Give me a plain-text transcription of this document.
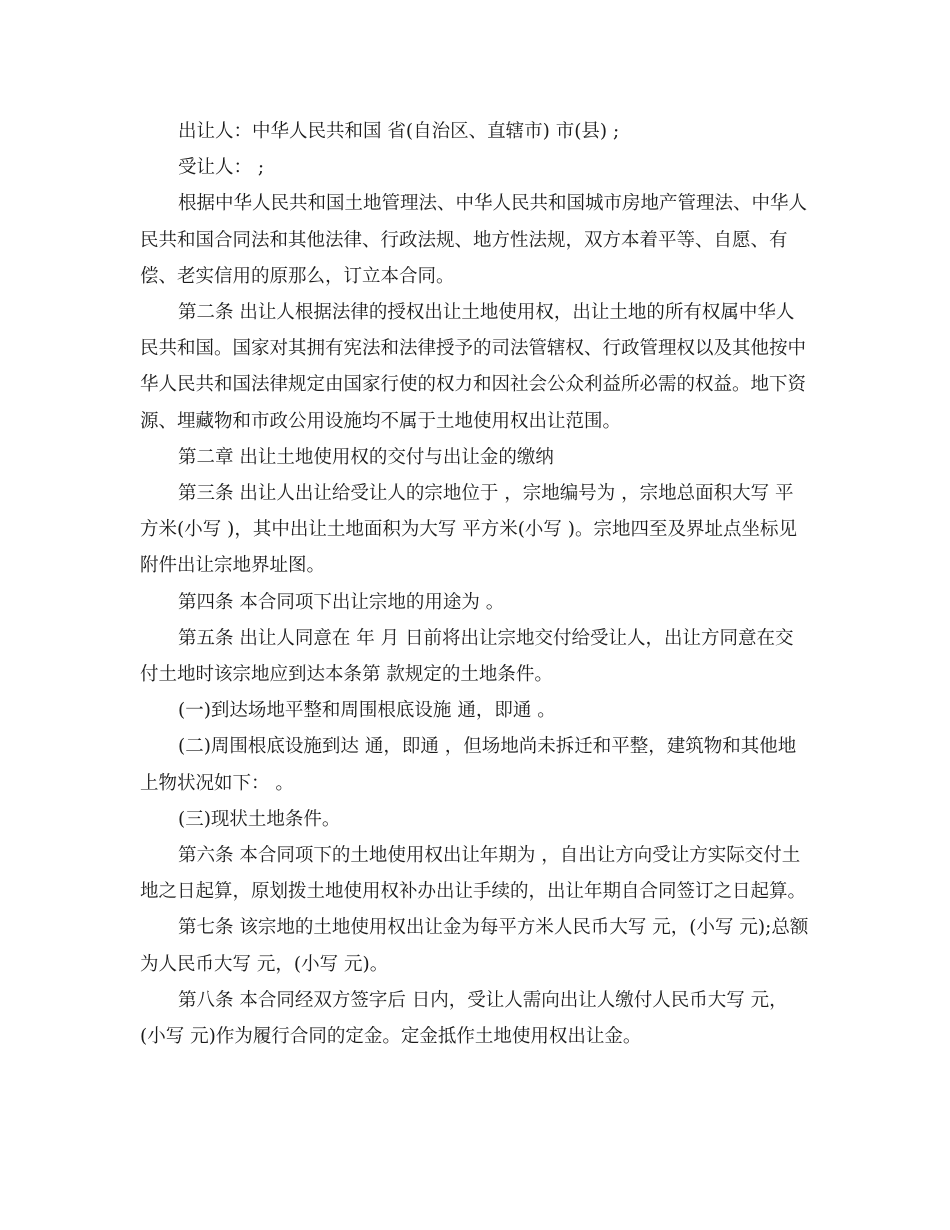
出让人：中华人民共和国 省(自治区、直辖市) 市(县) ;

受让人： ;

根据中华人民共和国土地管理法、中华人民共和国城市房地产管理法、中华人民共和国合同法和其他法律、行政法规、地方性法规，双方本着平等、自愿、有偿、老实信用的原那么，订立本合同。

第二条 出让人根据法律的授权出让土地使用权，出让土地的所有权属中华人民共和国。国家对其拥有宪法和法律授予的司法管辖权、行政管理权以及其他按中华人民共和国法律规定由国家行使的权力和因社会公众利益所必需的权益。地下资源、埋藏物和市政公用设施均不属于土地使用权出让范围。

第二章 出让土地使用权的交付与出让金的缴纳

第三条 出让人出让给受让人的宗地位于 ，宗地编号为 ，宗地总面积大写 平方米(小写 )，其中出让土地面积为大写 平方米(小写 )。宗地四至及界址点坐标见附件出让宗地界址图。

第四条 本合同项下出让宗地的用途为 。

第五条 出让人同意在 年 月 日前将出让宗地交付给受让人，出让方同意在交付土地时该宗地应到达本条第 款规定的土地条件。

(一)到达场地平整和周围根底设施 通，即通 。

(二)周围根底设施到达 通，即通 ，但场地尚未拆迁和平整，建筑物和其他地上物状况如下： 。

(三)现状土地条件。

第六条 本合同项下的土地使用权出让年期为 ，自出让方向受让方实际交付土地之日起算，原划拨土地使用权补办出让手续的，出让年期自合同签订之日起算。

第七条 该宗地的土地使用权出让金为每平方米人民币大写 元，(小写 元);总额为人民币大写 元，(小写 元)。

第八条 本合同经双方签字后 日内，受让人需向出让人缴付人民币大写 元，(小写 元)作为履行合同的定金。定金抵作土地使用权出让金。
